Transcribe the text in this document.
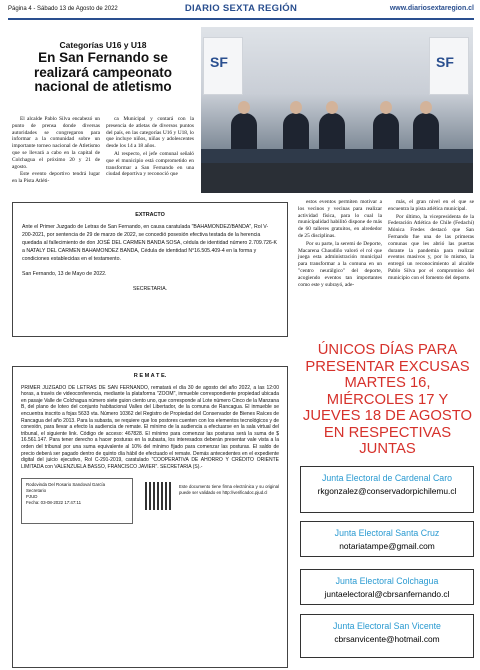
Página 4 - Sábado 13 de Agosto de 2022	DIARIO SEXTA REGIÓN	www.diariosextaregion.cl
Categorías U16 y U18
En San Fernando se realizará campeonato nacional de atletismo

El alcalde Pablo Silva encabezó un punto de prensa donde diversas autoridades se congregaron para informar a la comunidad sobre un importante torneo nacional de Atletismo que se llevará a cabo en la capital de Colchagua el próximo 20 y 21 de agosto.

Este evento deportivo tendrá lugar en la Pista Atléti-

ca Municipal y contará con la presencia de atletas de diversos puntos del país, en las categorías U16 y U18, lo que incluye niños, niñas y adolescentes desde los 14 a 18 años.

Al respecto, el jefe comunal señaló que el municipio está comprometido en transformar a San Fernando en una ciudad deportiva y reconoció que

SF	SF

estos eventos permiten motivar a los vecinos y vecinas para realizar actividad física, para lo cual la municipalidad habilitó dispone de más de 60 talleres gratuitos, en alrededor de 25 disciplinas.

Por su parte, la seremi de Deporte, Macarena Chaudiño valoró el rol que juega esta administración municipal para transformar a la comuna en un "centro neurálgico" del deporte, acogiendo eventos tan importantes como este y subrayó, ade-

más, el gran nivel en el que se encuentra la pista atlética municipal.

Por último, la vicepresidenta de la Federación Atlética de Chile (Fedachi) Mónica Fredes destacó que San Fernando fue una de las primeras comunas que les abrió las puertas durante la pandemia para realizar eventos masivos y, por lo mismo, la entregó un reconocimiento al alcalde Pablo Silva por el compromiso del municipio con el fomento del deporte.

EXTRACTO
Ante el Primer Juzgado de Letras de San Fernando, en causa caratulada "BAHAMONDEZ/BANDA", Rol V-200-2021, por sentencia de 29 de marzo de 2022, se concedió posesión efectiva testada de la herencia quedada al fallecimiento de don JOSÉ DEL CARMEN BANDA SOSA, cédula de identidad número 2.709.726-K a NATALY DEL CARMEN BAHAMONDEZ BANDA, Cédula de identidad N°16.505.409-4 en la forma y condiciones establecidas en el testamento.
San Fernando, 13 de Mayo de 2022.
SECRETARIA.
R E M A T E.
PRIMER JUZGADO DE LETRAS DE SAN FERNANDO, rematará el día 30 de agosto del año 2022, a las 12:00 horas, a través de videoconferencia, mediante la plataforma "ZOOM", inmueble correspondiente propiedad ubicada en pasaje Valle de Colchagua número siete guion ciento uno, que corresponde al Lote número Cinco de la Manzana B, del plano de loteo del conjunto habitacional Valles del Libertador, de la comuna de Rancagua. El inmueble se encuentra inscrito a fojas 5633 vta. Número 10362 del Registro de Propiedad del Conservador de Bienes Raíces de Rancagua del año 2013. Para la subasta, se requiere que los postores cuenten con los elementos tecnológicos y de conexión, para llevar a efecto la audiencia de remate. El mínimo de la audiencia a efectuarse en la sala virtual del tribunal, el siguiente link. Código de acceso: 467828. El mínimo para comenzar las posturas será la suma de $ 16.561.147. Para tener derecho a hacer posturas en la subasta, los interesados deberán presentar vale vista a la orden del tribunal por una suma equivalente al 10% del mínimo fijado para comenzar las posturas. El saldo de precio deberá ser pagado dentro de quinto día hábil de efectuado el remate. Demás antecedentes en el expediente digital del juicio ejecutivo, Rol C-291-2019, caratulado "COOPERATIVA DE AHORRO Y CRÉDITO ORIENTE LIMITADA con VALENZUELA BASSO, FRANCISCO JAVIER". SECRETARIA (S).-
Rodovinda Del Rosario Sandoval García
Secretario
PJUD
Fecha: 03-08-2022 17:47:11
Este documento tiene firma electrónica y su original puede ser validado en http://verificadoc.pjud.cl
ÚNICOS DÍAS PARA PRESENTAR EXCUSAS MARTES 16, MIÉRCOLES 17 Y JUEVES 18 DE AGOSTO EN RESPECTIVAS JUNTAS
Junta Electoral de Cardenal Caro
rkgonzalez@conservadorpichilemu.cl
Junta Electoral Santa Cruz
notariatampe@gmail.com
Junta Electoral Colchagua
juntaelectoral@cbrsanfernando.cl
Junta Electoral San Vicente
cbrsanvicente@hotmail.com
